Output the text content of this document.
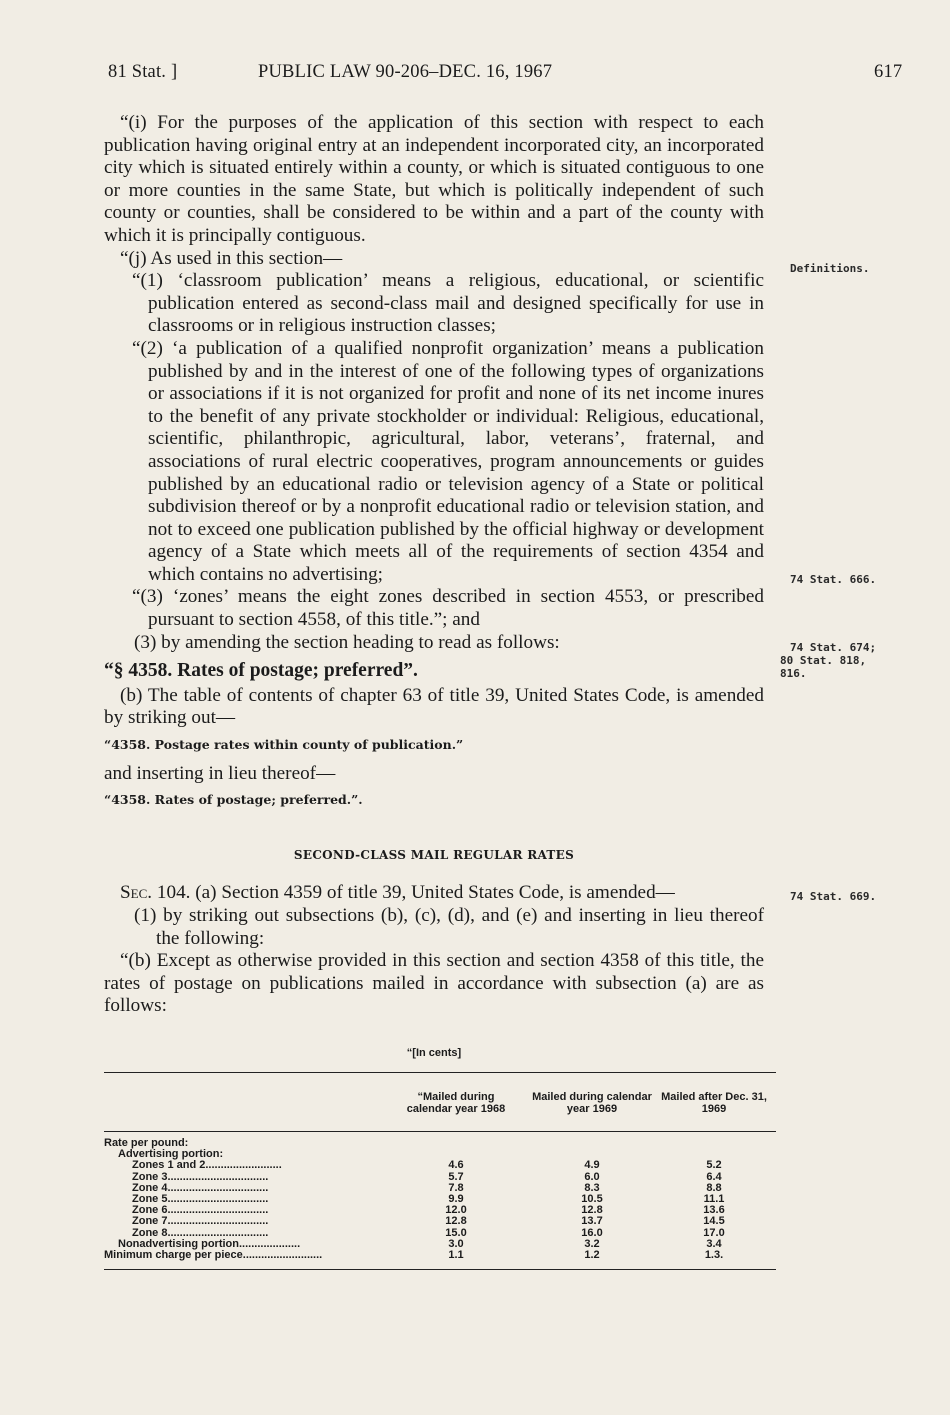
81 Stat. ]	PUBLIC LAW 90-206–DEC. 16, 1967	617

“(i) For the purposes of the application of this section with respect to each publication having original entry at an independent incorporated city, an incorporated city which is situated entirely within a county, or which is situated contiguous to one or more counties in the same State, but which is politically independent of such county or counties, shall be considered to be within and a part of the county with which it is principally contiguous.

“(j) As used in this section—

“(1) ‘classroom publication’ means a religious, educational, or scientific publication entered as second-class mail and designed specifically for use in classrooms or in religious instruction classes;

“(2) ‘a publication of a qualified nonprofit organization’ means a publication published by and in the interest of one of the following types of organizations or associations if it is not organized for profit and none of its net income inures to the benefit of any private stockholder or individual: Religious, educational, scientific, philanthropic, agricultural, labor, veterans’, fraternal, and associations of rural electric cooperatives, program announcements or guides published by an educational radio or television agency of a State or political subdivision thereof or by a nonprofit educational radio or television station, and not to exceed one publication published by the official highway or development agency of a State which meets all of the requirements of section 4354 and which contains no advertising;

“(3) ‘zones’ means the eight zones described in section 4553, or prescribed pursuant to section 4558, of this title.”; and

(3) by amending the section heading to read as follows:

“§ 4358. Rates of postage; preferred”.

(b) The table of contents of chapter 63 of title 39, United States Code, is amended by striking out—

“4358. Postage rates within county of publication.”

and inserting in lieu thereof—

“4358. Rates of postage; preferred.”.

SECOND-CLASS MAIL REGULAR RATES

Sec. 104. (a) Section 4359 of title 39, United States Code, is amended—

(1) by striking out subsections (b), (c), (d), and (e) and inserting in lieu thereof the following:

“(b) Except as otherwise provided in this section and section 4358 of this title, the rates of postage on publications mailed in accordance with subsection (a) are as follows:

Definitions.
74 Stat. 666.
74 Stat. 674;
80 Stat. 818,
816.
74 Stat. 669.
“[In cents]
“Mailed during calendar year 1968
Mailed during calendar year 1969
Mailed after Dec. 31, 1969
Rate per pound:
Advertising portion:
Zones 1 and 2.........................	4.6	4.9	5.2
Zone 3.................................	5.7	6.0	6.4
Zone 4.................................	7.8	8.3	8.8
Zone 5.................................	9.9	10.5	11.1
Zone 6.................................	12.0	12.8	13.6
Zone 7.................................	12.8	13.7	14.5
Zone 8.................................	15.0	16.0	17.0
Nonadvertising portion....................	3.0	3.2	3.4
Minimum charge per piece..........................	1.1	1.2	1.3.
